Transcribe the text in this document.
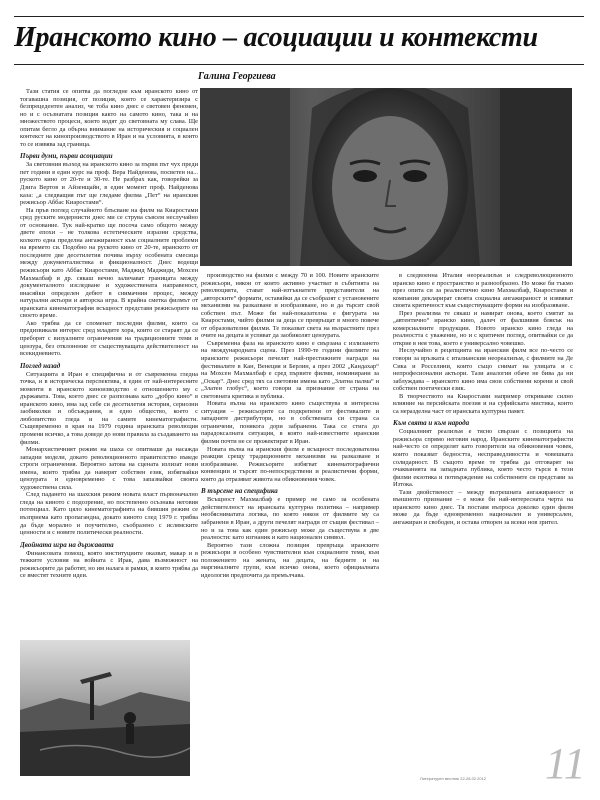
Иранското кино – асоциации и контексти
Галина Георгиева

Тази статия се опитва да погледне към иранското кино от тогавашна позиция, от позиция, която се характеризира с безпрецедентен анализ, че тоба кино днес е световен феномен, но и с осъзнатата позиция както на самото кино, така и на множеството процеси, които водят до световната му слава. Ще опитам бегло да обърна внимание на историческия и социален контекст на кинопроизводството в Иран и на условията, в които то се изявява зад граница.

Първи думи, първи асоциации

За световния възход на иранското кино за първи път чух преди пет години в един курс на проф. Вера Найденова, посветен на... руското кино от 20-те и 30-те. Не разбрах как, говорейки за Дзига Вертов и Айзенщайн, в един момент проф. Найденова каза: „а следващия път ще гледаме филма „Пет“ на иранския режисьор Аббас Киаростами“.

На пръв поглед случайното блъсване на филм на Киаростами сред руските модернисти днес ми се струва съвсем неслучайно от основание. Тук най-кратко ще посоча само общото между двете епохи – не толкова естетическите изразни средства, колкото една пределна ангажираност към социалните проблеми на времето си. Подобно на руското кино от 20-те, иранското от последните две десетилетия почива върху особената смесица между документалистика и фикционалност. Днес водещи режисьори като Аббас Киаростами, Маджид Маджиди, Мохсен Махмалбаф и др. сякаш вечно заличават границата между документалното изследване и художествената направеност, внасяйки определен дебют в снимачния процес, между натурални актьори и авторска игра. В крайна сметка филмът от иранската кинематография всъщност представя режисьорите на своето време.

Ако трябва да се споменат последни филми, които са предизвикали интерес сред младите хора, които се стараят да се преборят с визуалните ограничения на традиционните теми и цензура, без отклонение от съществуващата действителност на всекидневието.

Поглед назад

Ситуацията в Иран е специфична и от съвременна гледна точка, и в историческа перспектива, в един от най-интересните моменти в иранското киноизводство е отношението му с държавата. Това, което днес се разпознава като „добро кино“ в иранското кино, има зад себе си десетилетия история, сериозни заобиколки и обсъждания, и едно общество, което с любопитство гледа и на самите кинематографисти. Същевременно в края на 1979 година иранската революция промени всичко, а това доведе до нови правила за създаването на филми.

Монархистичният режим на шаха се опитваше да насажда западни модели, докато революционното правителство въведе строги ограничения. Вероятно затова на сцената излизат нови имена, които трябва да намерят собствен език, избягвайки цензурата и едновременно с това запазвайки своята художествена сила.

След падането на шахския режим новата власт първоначално гледа на киното с подозрение, но постепенно осъзнава неговия потенциал. Като цяло кинематографията на бившия режим се възприема като пропагандна, докато киното след 1979 г. трябва да бъде морално и поучително, съобразено с ислямските ценности и с новите политически реалности.

Двойната игра на държавата

Финансовата помощ, която институциите оказват, макар и в тежките условия на войната с Ирак, дава възможност на режисьорите да работят, но им налага и рамки, в които трябва да се вместят техните идеи.

производство на филми с между 70 и 100. Новите иранските режисьори, някои от които активно участват в събитията на революцията, стават най-изтъкнатите представители на „авторските“ формати, оставяйки да се съобразят с установените механизми на разказване и изобразяване, но и да търсят свой собствен път. Може би най-показателна е фигурата на Киаростами, чийто филми за деца се превръщат в много повече от образователни филми. Те показват света на възрастните през очите на децата и успяват да заобиколят цензурата.

Съвременна фаза на иранското кино е свързана с излизането на международната сцена. През 1990-те години филмите на иранските режисьори печелят най-престижните награди на фестивалите в Кан, Венеция и Берлин, а през 2002 „Кандахар“ на Мохсен Махмалбаф е сред първите филми, номинирани за „Оскар“. Днес сред тях са световни имена като „Златна палма“ и „Златен глобус“, което говори за признание от страна на световната критика и публика.

Новата вълна на иранското кино съществува в интересна ситуация – режисьорите са подкрепени от фестивалите и западните дистрибутори, но в собствената си страна са ограничени, понякога дори забранени. Така се стига до парадоксалната ситуация, в която най-известните иранския филми почти не се прожектират в Иран.

Новата вълна на иранския филм е всъщност последователна реакция срещу традиционните механизми на разказване и изобразяване. Режисьорите избягват кинематографични конвенции и търсят по-непосредствени и реалистични форми, които да отразяват живота на обикновения човек.

В търсене на специфика

Всъщност Махмалбаф е пример не само за особената действителност на иранската културна политика – например необясниматата логика, по която някои от филмите му са забранени в Иран, а други печелят награди от същия фестивал – но и за това как един режисьор може да съществува в две реалности: като изгнаник и като национален символ.

Вероятно тази сложна позиция превръща иранските режисьори в особено чувствителни към социалните теми, към положението на жената, на децата, на бедните и на маргиналните групи, към всичко онова, което официалната идеология предпочита да премълчава.

в следвоенна Италия неореализъм и следреволюционното иранско кино е пространство и разнообразно. Но може би тъкмо през опита си за реалистично кино Махмалбаф, Киаростами и компания декларират своята социална ангажираност и изявяват своята критичност към съществуващите форми на изобразяване.

През реализма те сякаш и намират онова, което смятат за „автентично“ иранско кино, далеч от фалшивия блясък на комерсиалните продукции. Новото иранско кино гледа на реалността с уважение, но и с критичен поглед, опитвайки се да открие в нея това, което е универсално човешко.

Неслучайно в рецепцията на иранския филм все по-често се говори за връзката с италианския неореализъм, с филмите на Де Сика и Росселини, които също снимат на улицата и с непрофесионални актьори. Тази аналогия обаче не бива да ни заблуждава – иранското кино има свои собствени корени и свой собствен поетически език.

В творчеството на Киаростами например откриваме силно влияние на персийската поезия и на суфийската мистика, които са неразделна част от иранската културна памет.

Към свята и към народа

Социалният реализъм е тясно свързан с позицията на режисьора спрямо неговия народ. Иранските кинематографисти най-често се определят като говорители на обикновения човек, които показват бедността, несправедливостта и човешката солидарност. В същото време те трябва да отговарят на очакванията на западната публика, която често търси в тези филми екзотика и потвърждение на собствените си представи за Изтока.

Тази двойственост – между вътрешната ангажираност и външното признание – е може би най-интересната черта на иранското кино днес. Тя поставя въпроса доколко един филм може да бъде едновременно национален и универсален, ангажиран и свободен, и остава отворен за всеки нов зрител.

11
Литературен вестник 22-28.02.2012
